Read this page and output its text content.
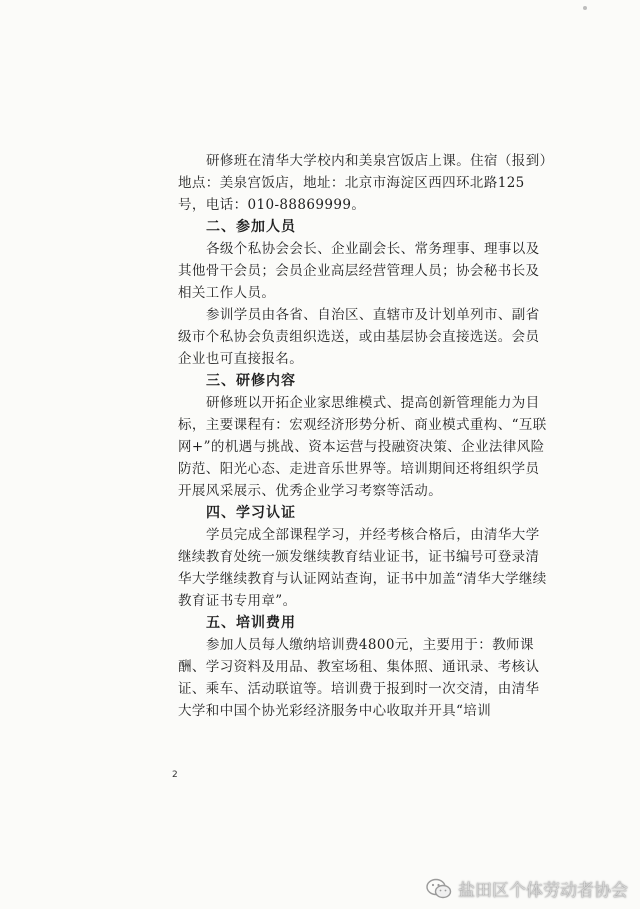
研修班在清华大学校内和美泉宫饭店上课。住宿（报到）地点：美泉宫饭店，地址：北京市海淀区西四环北路125号，电话：010-88869999。

二、参加人员

各级个私协会会长、企业副会长、常务理事、理事以及其他骨干会员；会员企业高层经营管理人员；协会秘书长及相关工作人员。

参训学员由各省、自治区、直辖市及计划单列市、副省级市个私协会负责组织选送，或由基层协会直接选送。会员企业也可直接报名。

三、研修内容

研修班以开拓企业家思维模式、提高创新管理能力为目标，主要课程有：宏观经济形势分析、商业模式重构、“互联网+”的机遇与挑战、资本运营与投融资决策、企业法律风险防范、阳光心态、走进音乐世界等。培训期间还将组织学员开展风采展示、优秀企业学习考察等活动。

四、学习认证

学员完成全部课程学习，并经考核合格后，由清华大学继续教育处统一颁发继续教育结业证书，证书编号可登录清华大学继续教育与认证网站查询，证书中加盖“清华大学继续教育证书专用章”。

五、培训费用

参加人员每人缴纳培训费4800元，主要用于：教师课酬、学习资料及用品、教室场租、集体照、通讯录、考核认证、乘车、活动联谊等。培训费于报到时一次交清，由清华大学和中国个协光彩经济服务中心收取并开具“培训

2
盐田区个体劳动者协会
